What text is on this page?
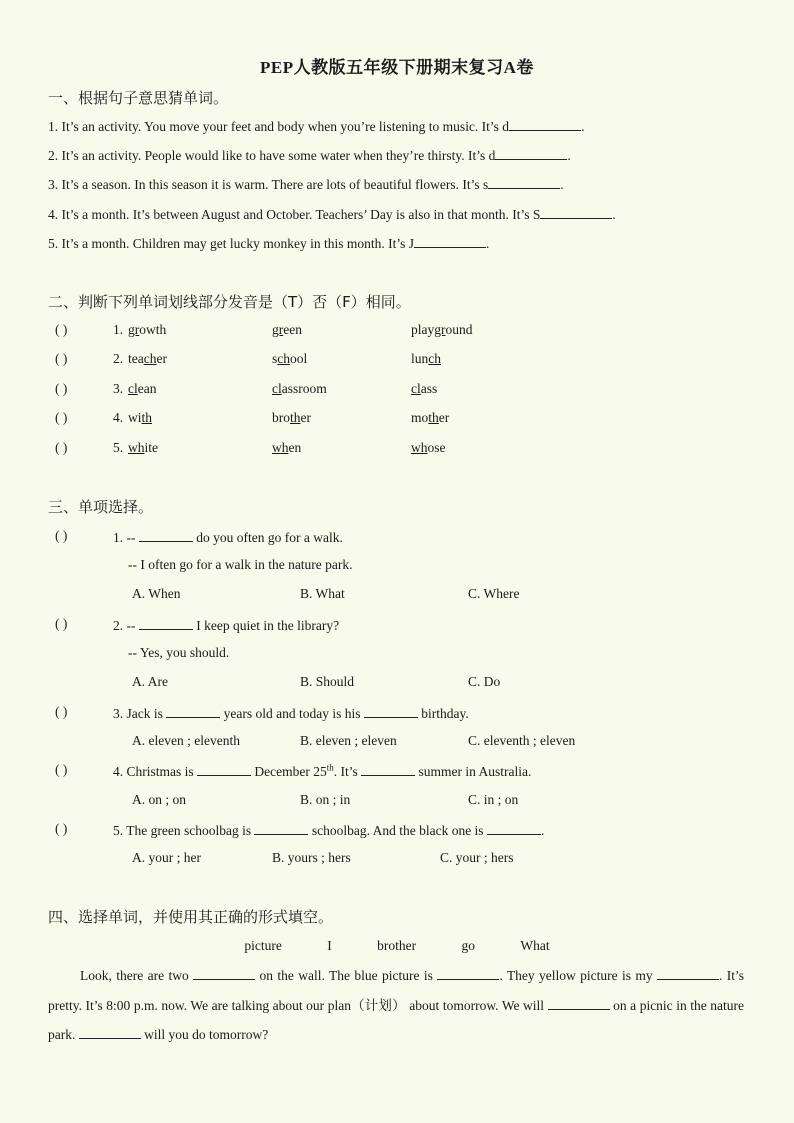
PEP人教版五年级下册期末复习A卷
一、根据句子意思猜单词。
1. It’s an activity. You move your feet and body when you’re listening to music. It’s d	.
2. It’s an activity. People would like to have some water when they’re thirsty. It’s d	.
3. It’s a season. In this season it is warm. There are lots of beautiful flowers. It’s s	.
4. It’s a month. It’s between August and October. Teachers’ Day is also in that month. It’s S	.
5. It’s a month. Children may get lucky monkey in this month. It’s J	.
二、判断下列单词划线部分发音是（T）否（F）相同。
( )	1. growth	green	playground
( )	2. teacher	school	lunch
( )	3. clean	classroom	class
( )	4. with	brother	mother
( )	5. white	when	whose
三、单项选择。
( )	1. --	do you often go for a walk.
-- I often go for a walk in the nature park.
A. When	B. What	C. Where
( )	2. --	I keep quiet in the library?
-- Yes, you should.
A. Are	B. Should	C. Do
( )	3. Jack is	years old and today is his	birthday.
A. eleven ; eleventh	B. eleven ; eleven	C. eleventh ; eleven
( )	4. Christmas is	December 25th. It’s	summer in Australia.
A. on ; on	B. on ; in	C. in ; on
( )	5. The green schoolbag is	schoolbag. And the black one is	.
A. your ; her	B. yours ; hers	C. your ; hers
四、选择单词，并使用其正确的形式填空。
picture	I	brother	go	What
Look, there are two	on the wall. The blue picture is	. They yellow picture is my	. It’s pretty. It’s 8:00 p.m. now. We are talking about our plan（计划） about tomorrow. We will	on a picnic in the nature park.	will you do tomorrow?
